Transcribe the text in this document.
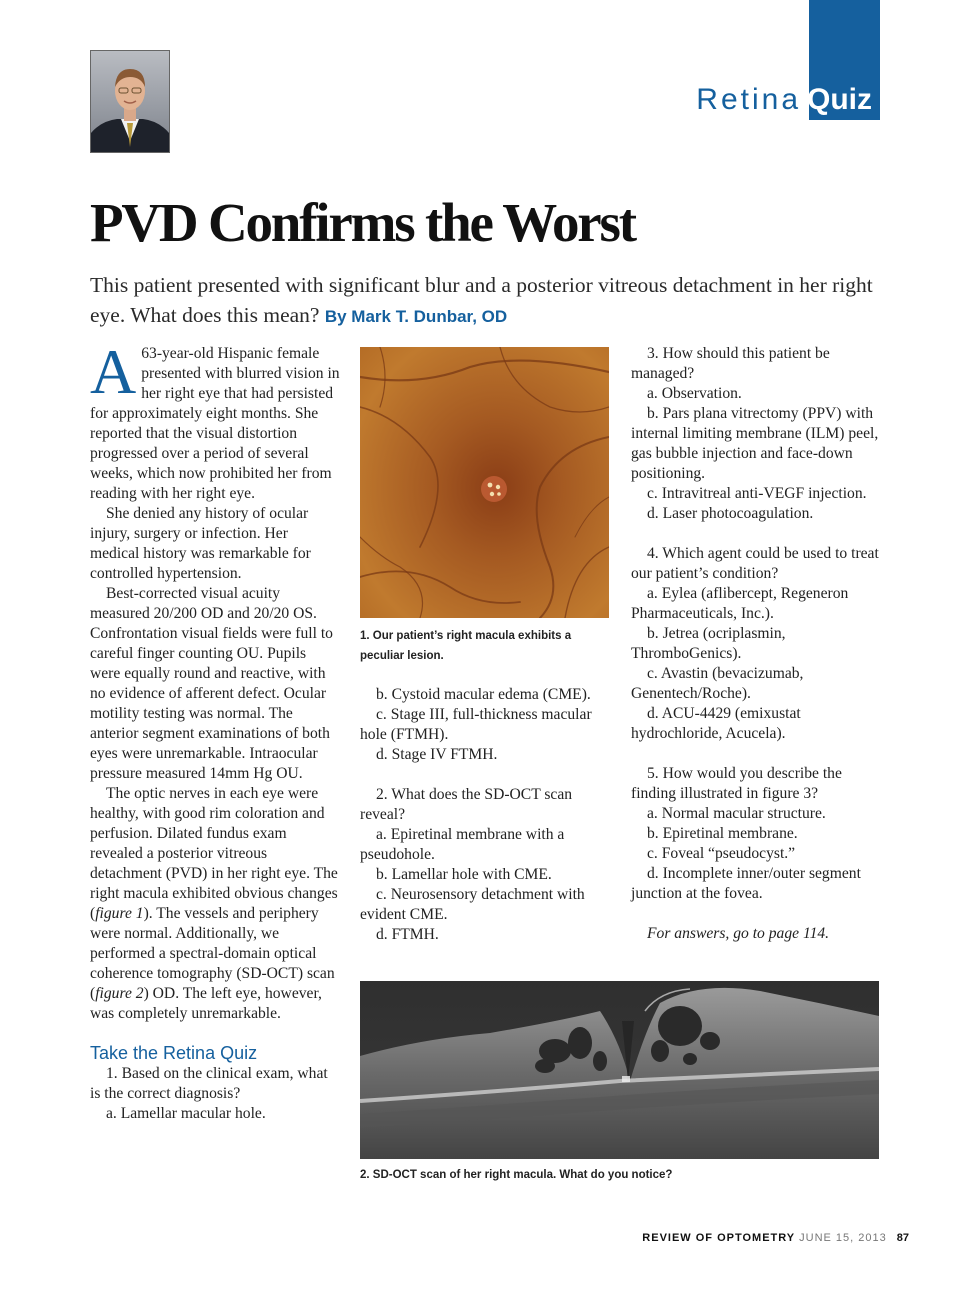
Retina Quiz
PVD Confirms the Worst
This patient presented with significant blur and a posterior vitreous detachment in her right eye. What does this mean? By Mark T. Dunbar, OD

A 63-year-old Hispanic female presented with blurred vision in her right eye that had persisted for approximately eight months. She reported that the visual distortion progressed over a period of several weeks, which now prohibited her from reading with her right eye.

She denied any history of ocular injury, surgery or infection. Her medical history was remarkable for controlled hypertension.

Best-corrected visual acuity measured 20/200 OD and 20/20 OS. Confrontation visual fields were full to careful finger counting OU. Pupils were equally round and reactive, with no evidence of afferent defect. Ocular motility testing was normal. The anterior segment examinations of both eyes were unremarkable. Intraocular pressure measured 14mm Hg OU.

The optic nerves in each eye were healthy, with good rim coloration and perfusion. Dilated fundus exam revealed a posterior vitreous detachment (PVD) in her right eye. The right macula exhibited obvious changes (figure 1). The vessels and periphery were normal. Additionally, we performed a spectral-domain optical coherence tomography (SD-OCT) scan (figure 2) OD. The left eye, however, was completely unremarkable.

Take the Retina Quiz

1. Based on the clinical exam, what is the correct diagnosis?

a. Lamellar macular hole.

1. Our patient’s right macula exhibits a peculiar lesion.

b. Cystoid macular edema (CME).

c. Stage III, full-thickness macular hole (FTMH).

d. Stage IV FTMH.

2. What does the SD-OCT scan reveal?

a. Epiretinal membrane with a pseudohole.

b. Lamellar hole with CME.

c. Neurosensory detachment with evident CME.

d. FTMH.

3. How should this patient be managed?

a. Observation.

b. Pars plana vitrectomy (PPV) with internal limiting membrane (ILM) peel, gas bubble injection and face-down positioning.

c. Intravitreal anti-VEGF injection.

d. Laser photocoagulation.

4. Which agent could be used to treat our patient’s condition?

a. Eylea (aflibercept, Regeneron Pharmaceuticals, Inc.).

b. Jetrea (ocriplasmin, ThromboGenics).

c. Avastin (bevacizumab, Genentech/Roche).

d. ACU-4429 (emixustat hydrochloride, Acucela).

5. How would you describe the finding illustrated in figure 3?

a. Normal macular structure.

b. Epiretinal membrane.

c. Foveal “pseudocyst.”

d. Incomplete inner/outer segment junction at the fovea.

For answers, go to page 114.

2. SD-OCT scan of her right macula. What do you notice?
REVIEW OF OPTOMETRY JUNE 15, 2013 87
